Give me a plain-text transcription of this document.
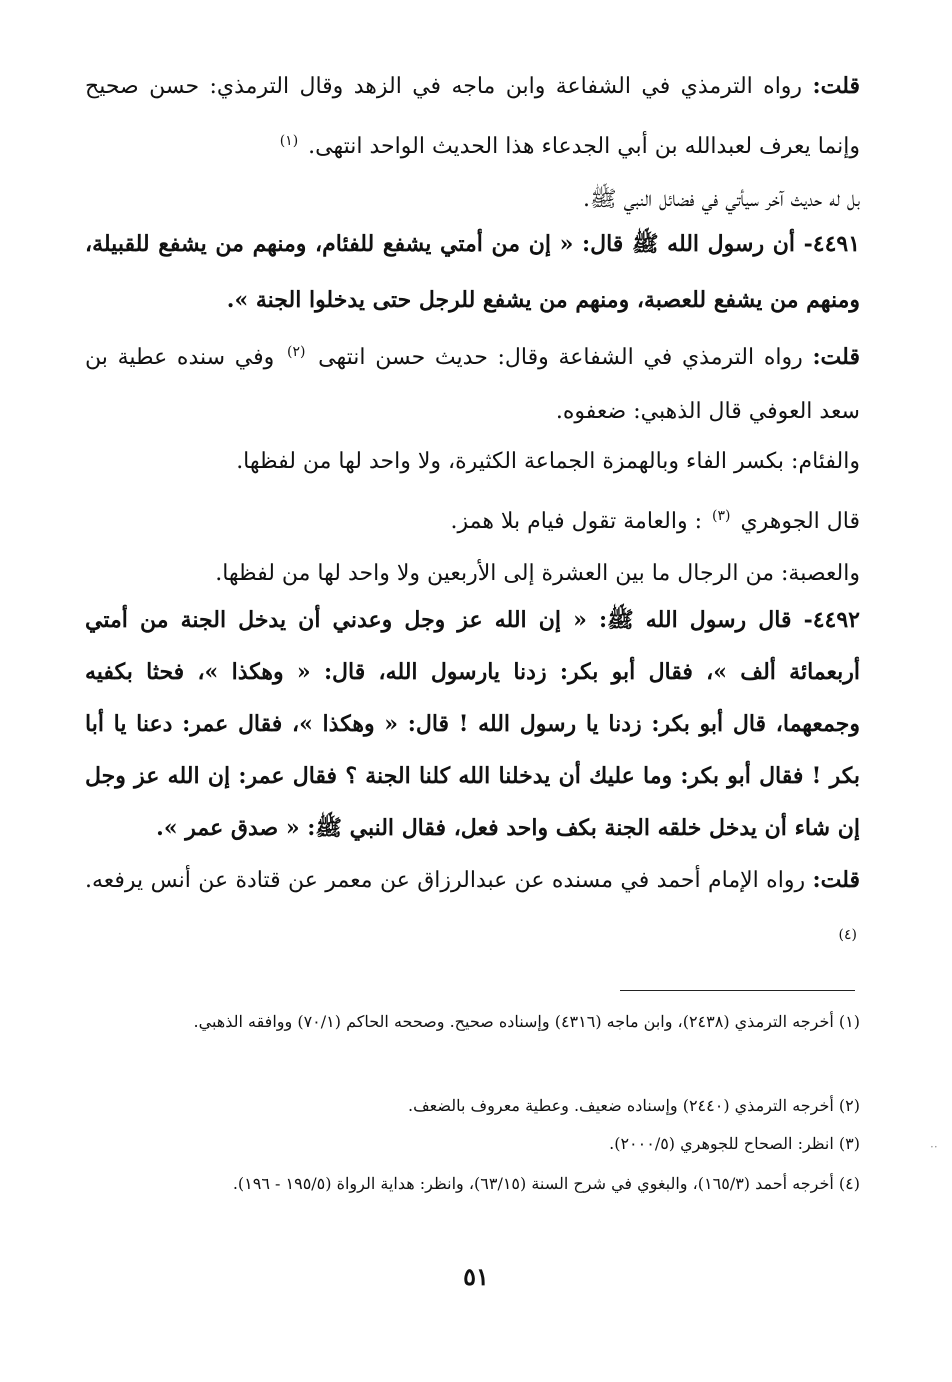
قلت: رواه الترمذي في الشفاعة وابن ماجه في الزهد وقال الترمذي: حسن صحيح وإنما يعرف لعبدالله بن أبي الجدعاء هذا الحديث الواحد انتهى. $^{(١)}$
بل له حديث آخر سيأتي في فضائل النبي ﷺ.
٤٤٩١- أن رسول الله ﷺ قال: « إن من أمتي يشفع للفئام، ومنهم من يشفع للقبيلة، ومنهم من يشفع للعصبة، ومنهم من يشفع للرجل حتى يدخلوا الجنة ».
قلت: رواه الترمذي في الشفاعة وقال: حديث حسن انتهى $^{(٢)}$ وفي سنده عطية بن سعد العوفي قال الذهبي: ضعفوه.
والفئام: بكسر الفاء وبالهمزة الجماعة الكثيرة، ولا واحد لها من لفظها.
قال الجوهري $^{(٣)}$ : والعامة تقول فيام بلا همز.
والعصبة: من الرجال ما بين العشرة إلى الأربعين ولا واحد لها من لفظها.
٤٤٩٢- قال رسول الله ﷺ: « إن الله عز وجل وعدني أن يدخل الجنة من أمتي أربعمائة ألف »، فقال أبو بكر: زدنا يارسول الله، قال: « وهكذا »، فحثا بكفيه وجمعهما، قال أبو بكر: زدنا يا رسول الله ! قال: « وهكذا »، فقال عمر: دعنا يا أبا بكر ! فقال أبو بكر: وما عليك أن يدخلنا الله كلنا الجنة ؟ فقال عمر: إن الله عز وجل إن شاء أن يدخل خلقه الجنة بكف واحد فعل، فقال النبي ﷺ: « صدق عمر ».
قلت: رواه الإمام أحمد في مسنده عن عبدالرزاق عن معمر عن قتادة عن أنس يرفعه. $^{(٤)}$
(١) أخرجه الترمذي (٢٤٣٨)، وابن ماجه (٤٣١٦) وإسناده صحيح. وصححه الحاكم (٧٠/١) ووافقه الذهبي.
(٢) أخرجه الترمذي (٢٤٤٠) وإسناده ضعيف. وعطية معروف بالضعف.
(٣) انظر: الصحاح للجوهري (٢٠٠٠/٥).
(٤) أخرجه أحمد (١٦٥/٣)، والبغوي في شرح السنة (٦٣/١٥)، وانظر: هداية الرواة (١٩٥/٥ - ١٩٦).
٥١
··
